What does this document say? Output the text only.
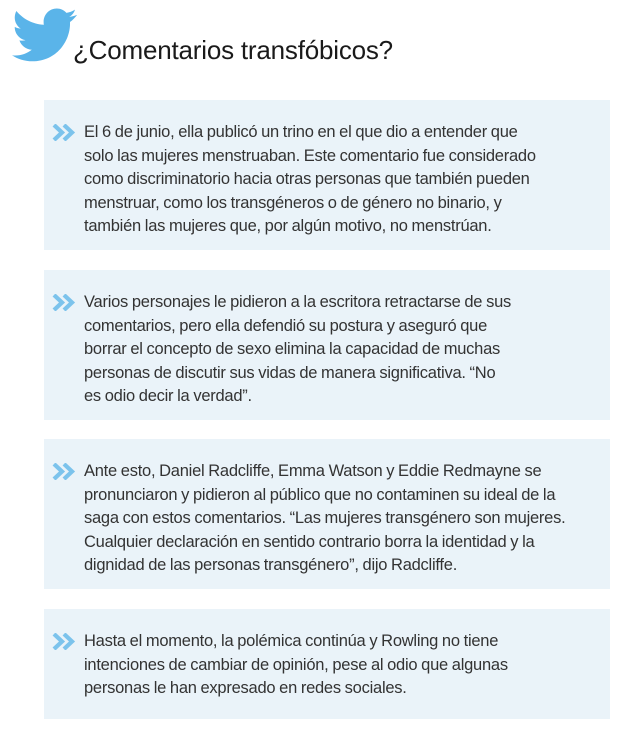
¿Comentarios transfóbicos?
El 6 de junio, ella publicó un trino en el que dio a entender que
solo las mujeres menstruaban. Este comentario fue considerado
como discriminatorio hacia otras personas que también pueden
menstruar, como los transgéneros o de género no binario, y
también las mujeres que, por algún motivo, no menstrúan.
Varios personajes le pidieron a la escritora retractarse de sus
comentarios, pero ella defendió su postura y aseguró que
borrar el concepto de sexo elimina la capacidad de muchas
personas de discutir sus vidas de manera significativa. “No
es odio decir la verdad”.
Ante esto, Daniel Radcliffe, Emma Watson y Eddie Redmayne se
pronunciaron y pidieron al público que no contaminen su ideal de la
saga con estos comentarios. “Las mujeres transgénero son mujeres.
Cualquier declaración en sentido contrario borra la identidad y la
dignidad de las personas transgénero”, dijo Radcliffe.
Hasta el momento, la polémica continúa y Rowling no tiene
intenciones de cambiar de opinión, pese al odio que algunas
personas le han expresado en redes sociales.
